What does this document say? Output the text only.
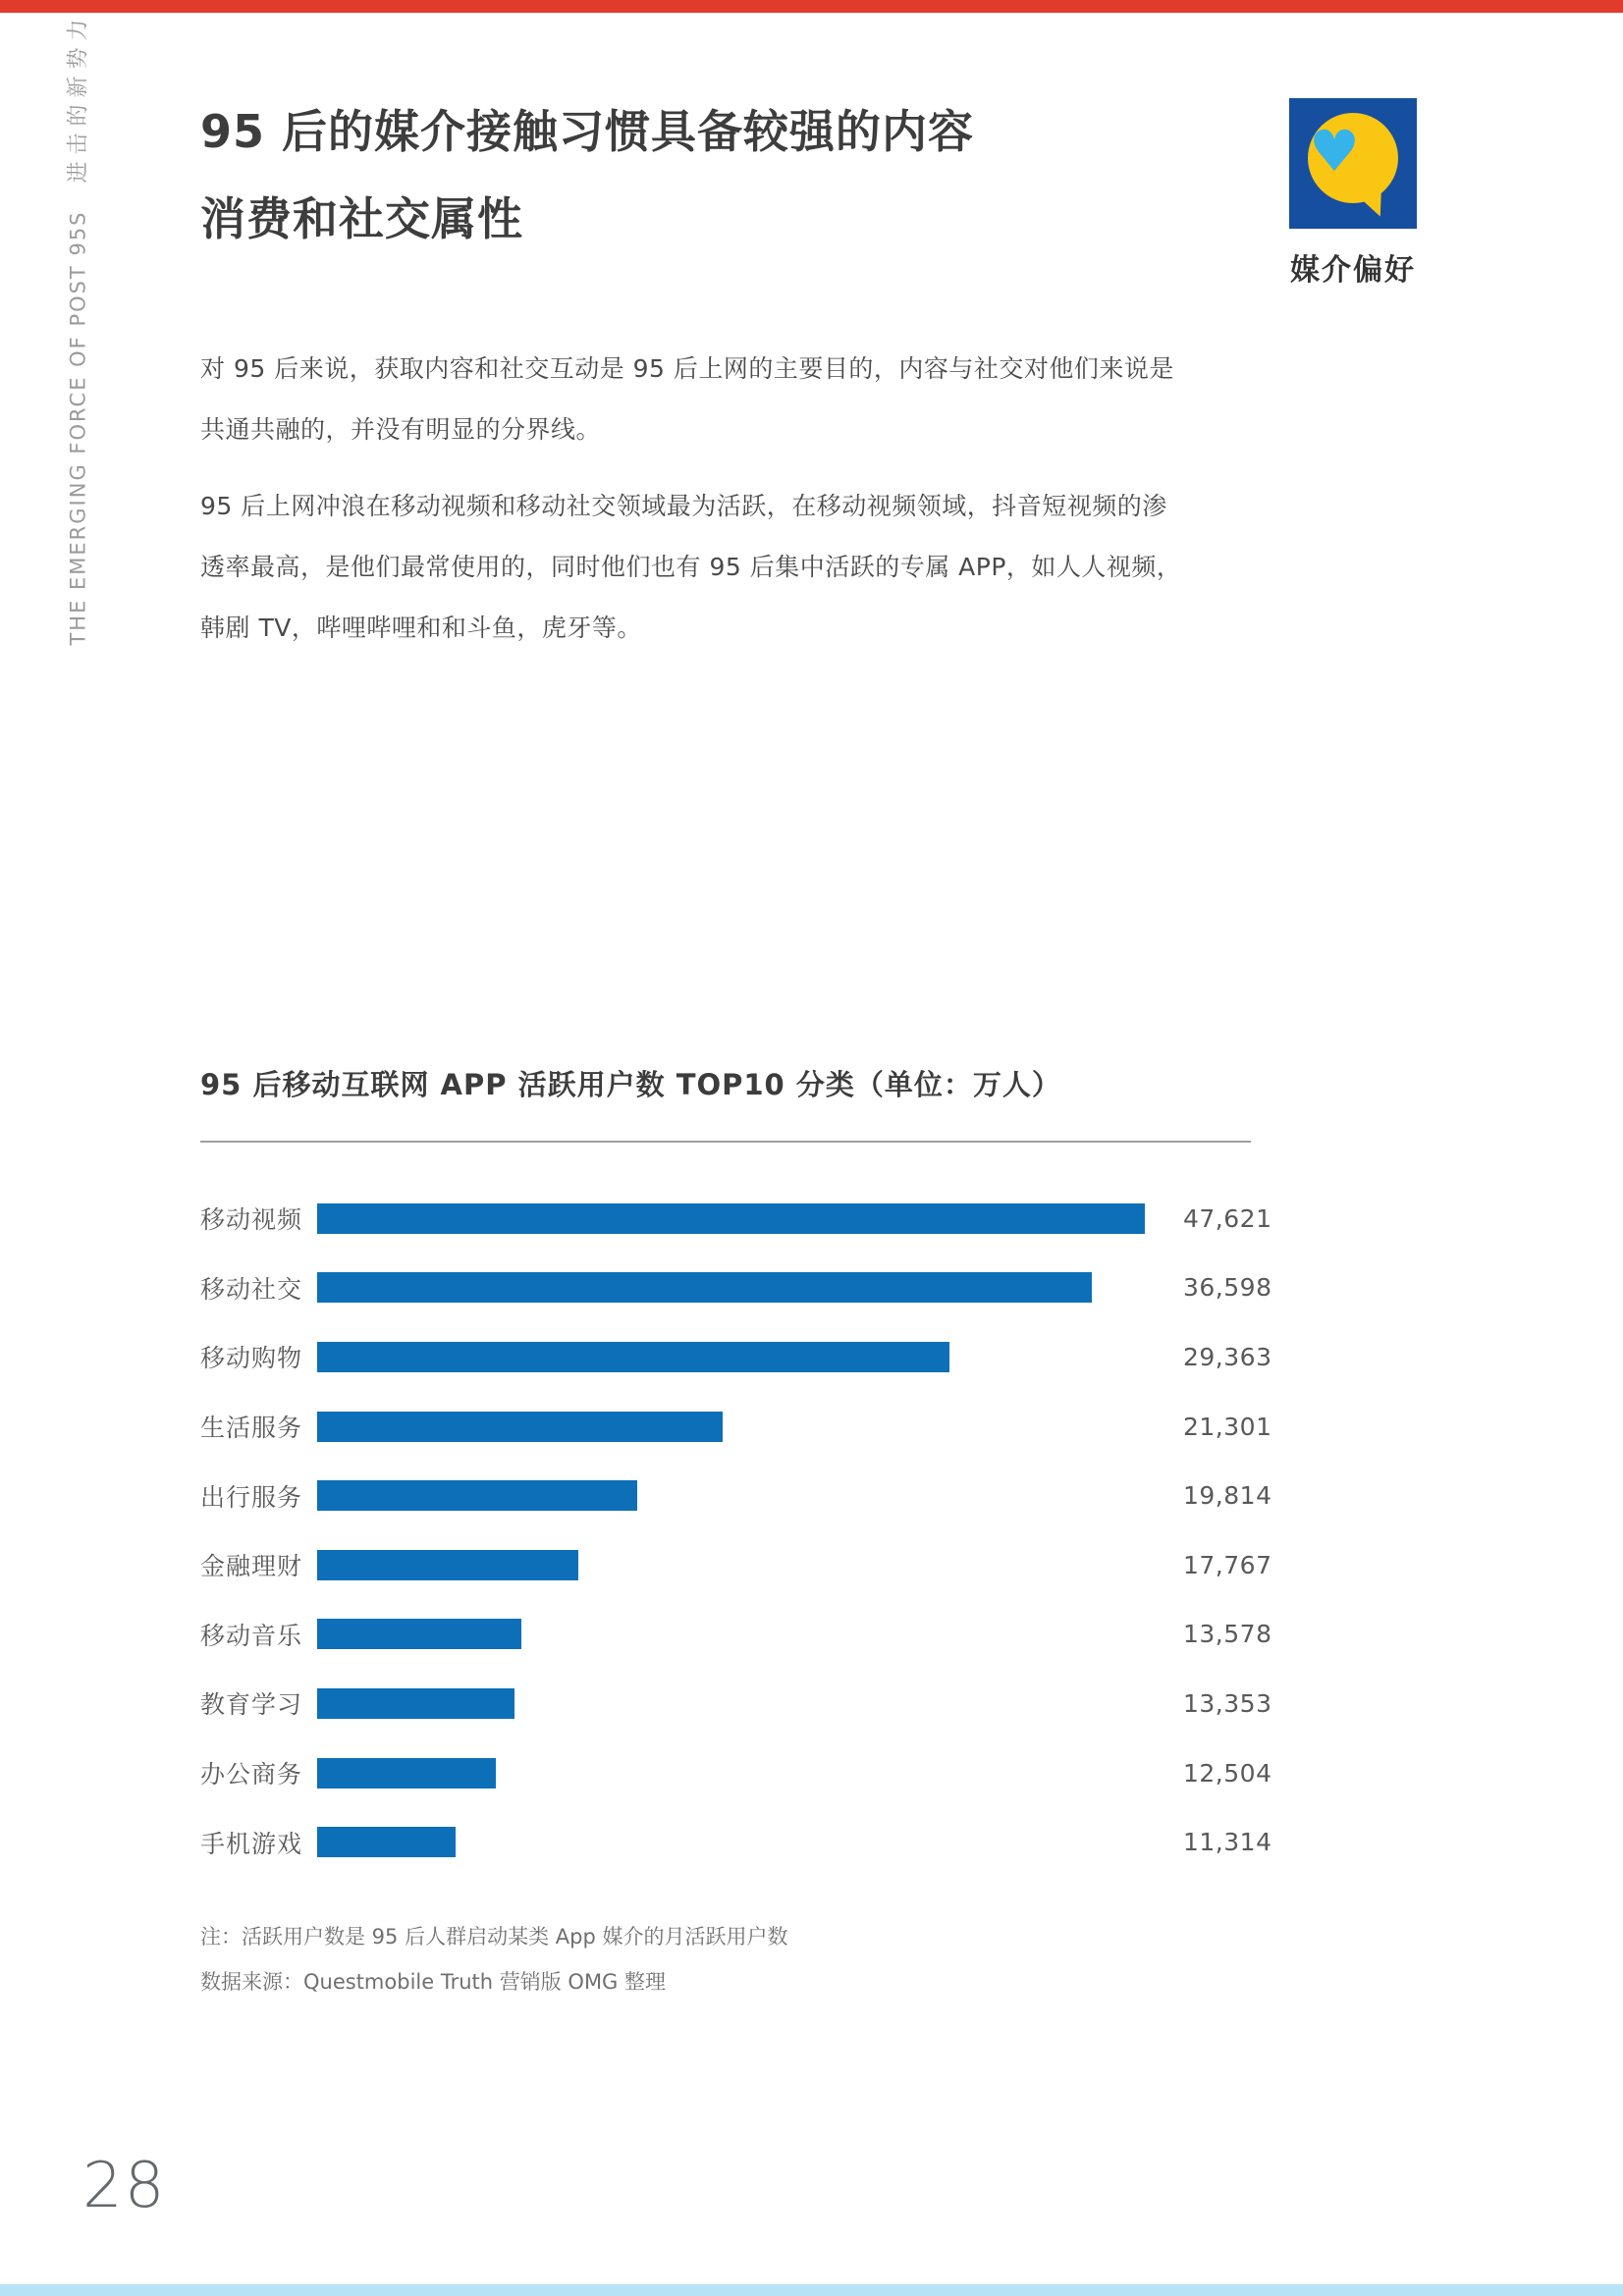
THE EMERGING FORCE OF POST 95S进击的新势力 95 后的媒介接触习惯具备较强的内容
消费和社交属性
♥
媒介偏好
对 95 后来说，获取内容和社交互动是 95 后上网的主要目的，内容与社交对他们来说是
共通共融的，并没有明显的分界线。
95 后上网冲浪在移动视频和移动社交领域最为活跃，在移动视频领域，抖音短视频的渗
透率最高，是他们最常使用的，同时他们也有 95 后集中活跃的专属 APP，如人人视频，
韩剧 TV，哔哩哔哩和和斗鱼，虎牙等。
95 后移动互联网 APP 活跃用户数 TOP10 分类（单位：万人）
移动视频	47,621
移动社交	36,598
移动购物	29,363
生活服务	21,301
出行服务	19,814
金融理财	17,767
移动音乐	13,578
教育学习	13,353
办公商务	12,504
手机游戏	11,314
注：活跃用户数是 95 后人群启动某类 App 媒介的月活跃用户数
数据来源：Questmobile Truth 营销版 OMG 整理
28
